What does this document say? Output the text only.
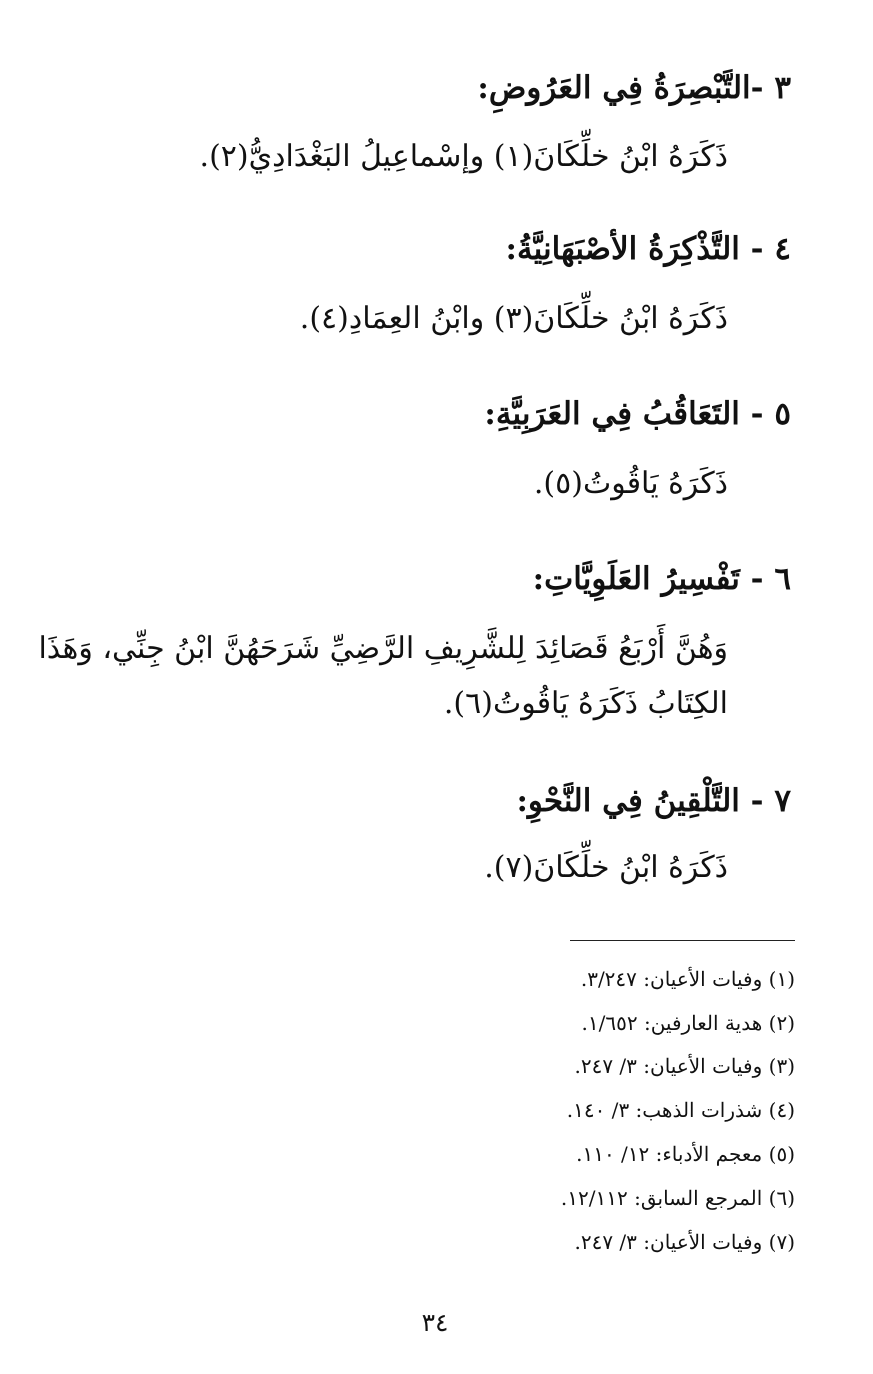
٣ -التَّبْصِرَةُ فِي العَرُوضِ:
ذَكَرَهُ ابْنُ خلِّكَانَ(١) وإسْماعِيلُ البَغْدَادِيُّ(٢).
٤ - التَّذْكِرَةُ الأصْبَهَانِيَّةُ:
ذَكَرَهُ ابْنُ خلِّكَانَ(٣) وابْنُ العِمَادِ(٤).
٥ - التَعَاقُبُ فِي العَرَبِيَّةِ:
ذَكَرَهُ يَاقُوتُ(٥).
٦ - تَفْسِيرُ العَلَوِيَّاتِ:
وَهُنَّ أَرْبَعُ قَصَائِدَ لِلشَّرِيفِ الرَّضِيِّ شَرَحَهُنَّ ابْنُ جِنِّي، وَهَذَا
الكِتَابُ ذَكَرَهُ يَاقُوتُ(٦).
٧ - التَّلْقِينُ فِي النَّحْوِ:
ذَكَرَهُ ابْنُ خلِّكَانَ(٧).
(١) وفيات الأعيان: ٣/٢٤٧.
(٢) هدية العارفين: ١/٦٥٢.
(٣) وفيات الأعيان: ٣/ ٢٤٧.
(٤) شذرات الذهب: ٣/ ١٤٠.
(٥) معجم الأدباء: ١٢/ ١١٠.
(٦) المرجع السابق: ١٢/١١٢.
(٧) وفيات الأعيان: ٣/ ٢٤٧.
٣٤
